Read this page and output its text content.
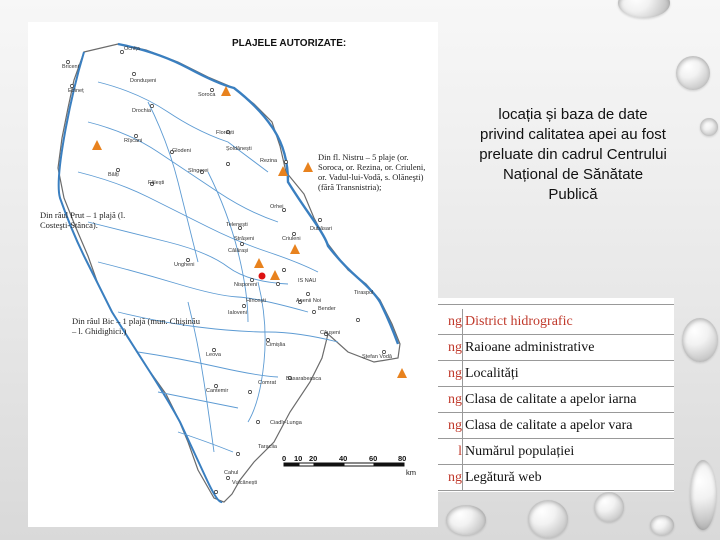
PLAJELE AUTORIZATE:
Din fl. Nistru – 5 plaje (or. Soroca, or. Rezina, or. Criuleni, or. Vadul-lui-Vodă, s. Olăneşti) (fără Transnistria);
Din râul Prut – 1 plajă (l. Costeşti-Stânca).
Din râul Bic – 1 plajă (mun. Chişinău – l. Ghidighici.)
Ocnița
Briceni
Dondușeni
Edineț
Soroca
Drochia
Florești
Rîșcani
Glodeni
Bălți
Șoldănești
Rezina
Fălești
Sîngerei
Orhei
Telenești
Dubăsari
Călărași
Strășeni	Criuleni
Ungheni
Nisporeni
IS NAU
Anenii Noi
Bender
Ialoveni
Hîncești
Căușeni
Tiraspol
Leova
Cimișlia
Ștefan Vodă
Cantemir
Basarabeasca
Comrat
Ciadîr-Lunga
Taraclia
Cahul
Vulcănești
0 10 20	40	60	80
km
locația și baza de date privind calitatea apei au fost preluate din cadrul Centrului Național de Sănătate Publică
ng District hidrografic
ng Raioane administrative
ng Localități
ng Clasa de calitate a apelor iarna
ng Clasa de calitate a apelor vara
l Numărul populației
ng Legătură web
